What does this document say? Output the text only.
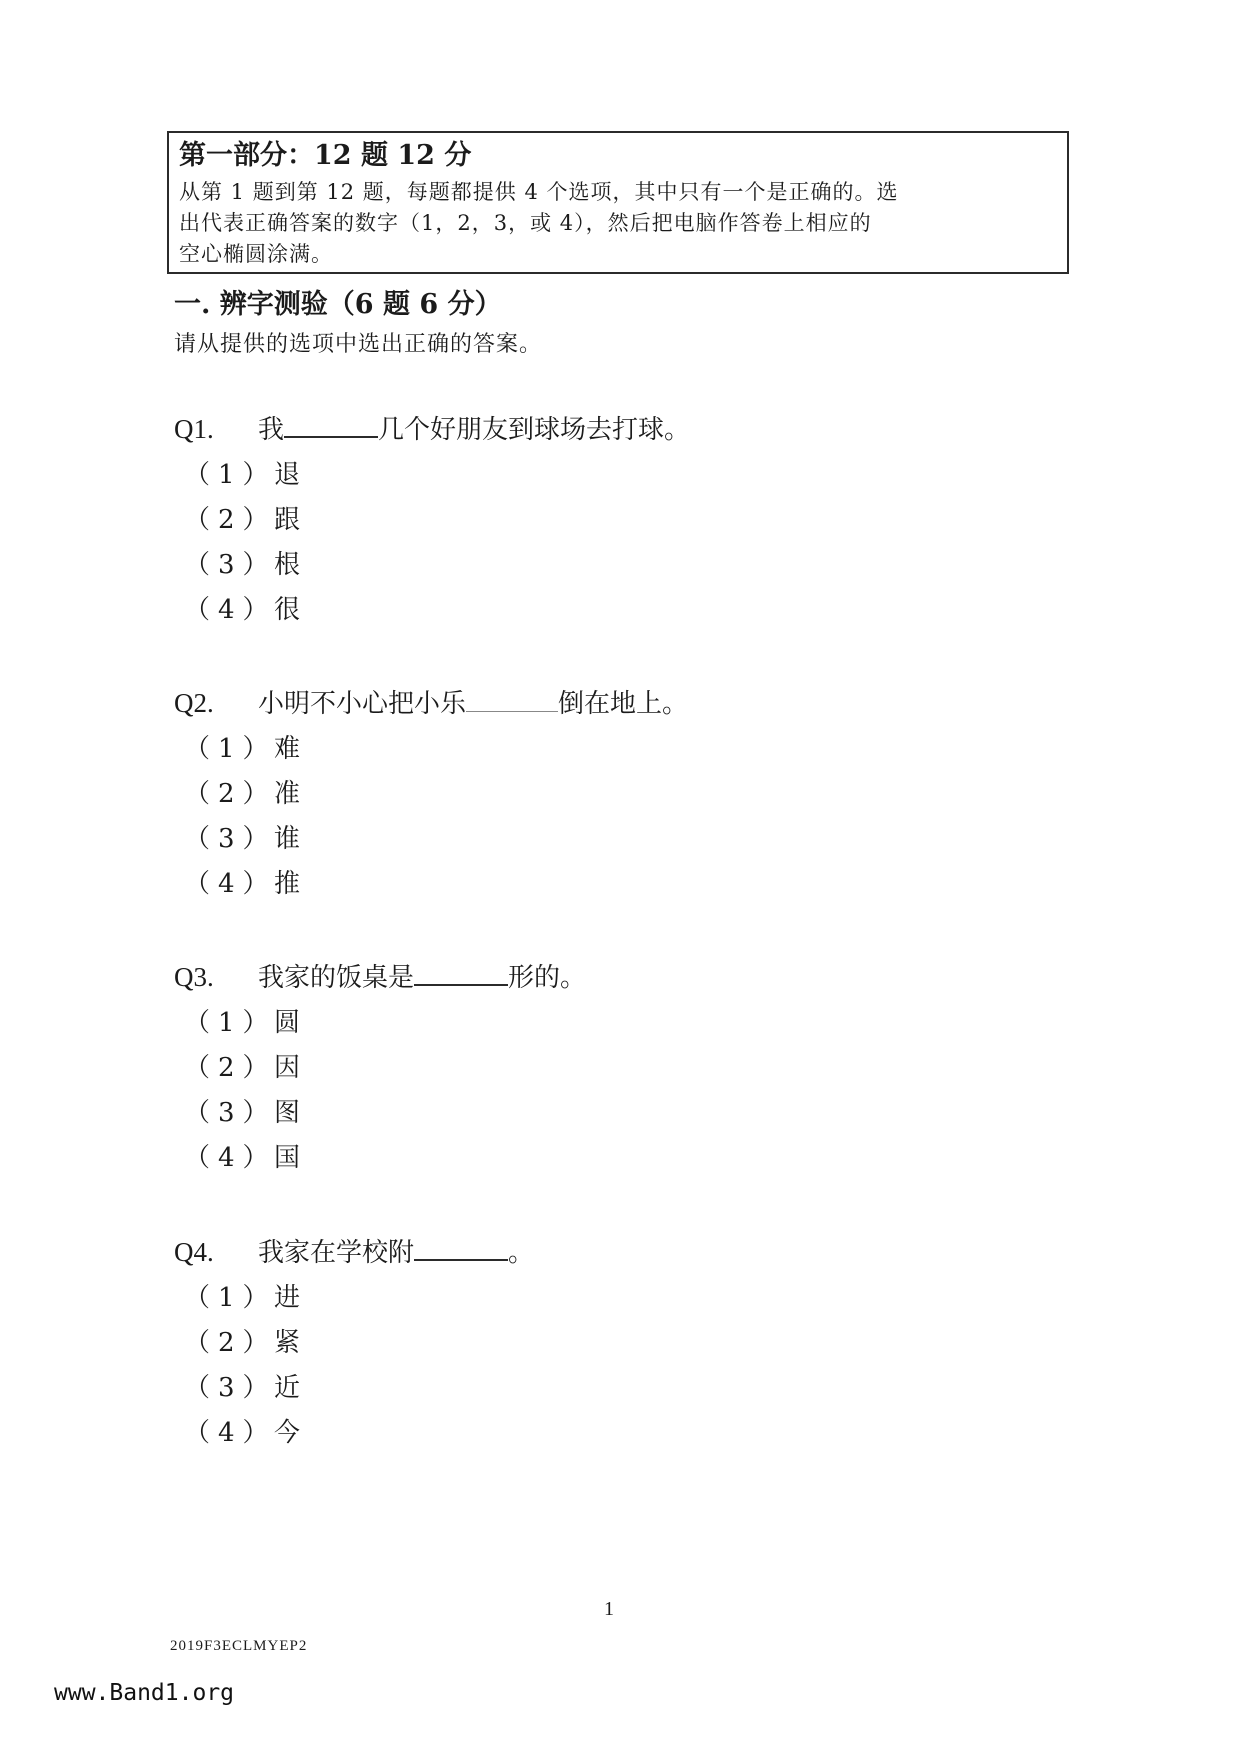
第一部分：12 题 12 分
从第 1 题到第 12 题，每题都提供 4 个选项，其中只有一个是正确的。选
出代表正确答案的数字（1，2，3，或 4），然后把电脑作答卷上相应的
空心椭圆涂满。
一. 辨字测验（6 题 6 分）
请从提供的选项中选出正确的答案。
Q1. 我	几个好朋友到球场去打球。
（1）退
（2）跟
（3）根
（4）很
Q2. 小明不小心把小乐	倒在地上。
（1）难
（2）准
（3）谁
（4）推
Q3. 我家的饭桌是	形的。
（1）圆
（2）因
（3）图
（4）国
Q4. 我家在学校附	。
（1）进
（2）紧
（3）近
（4）今
1
2019F3ECLMYEP2
www.Band1.org
